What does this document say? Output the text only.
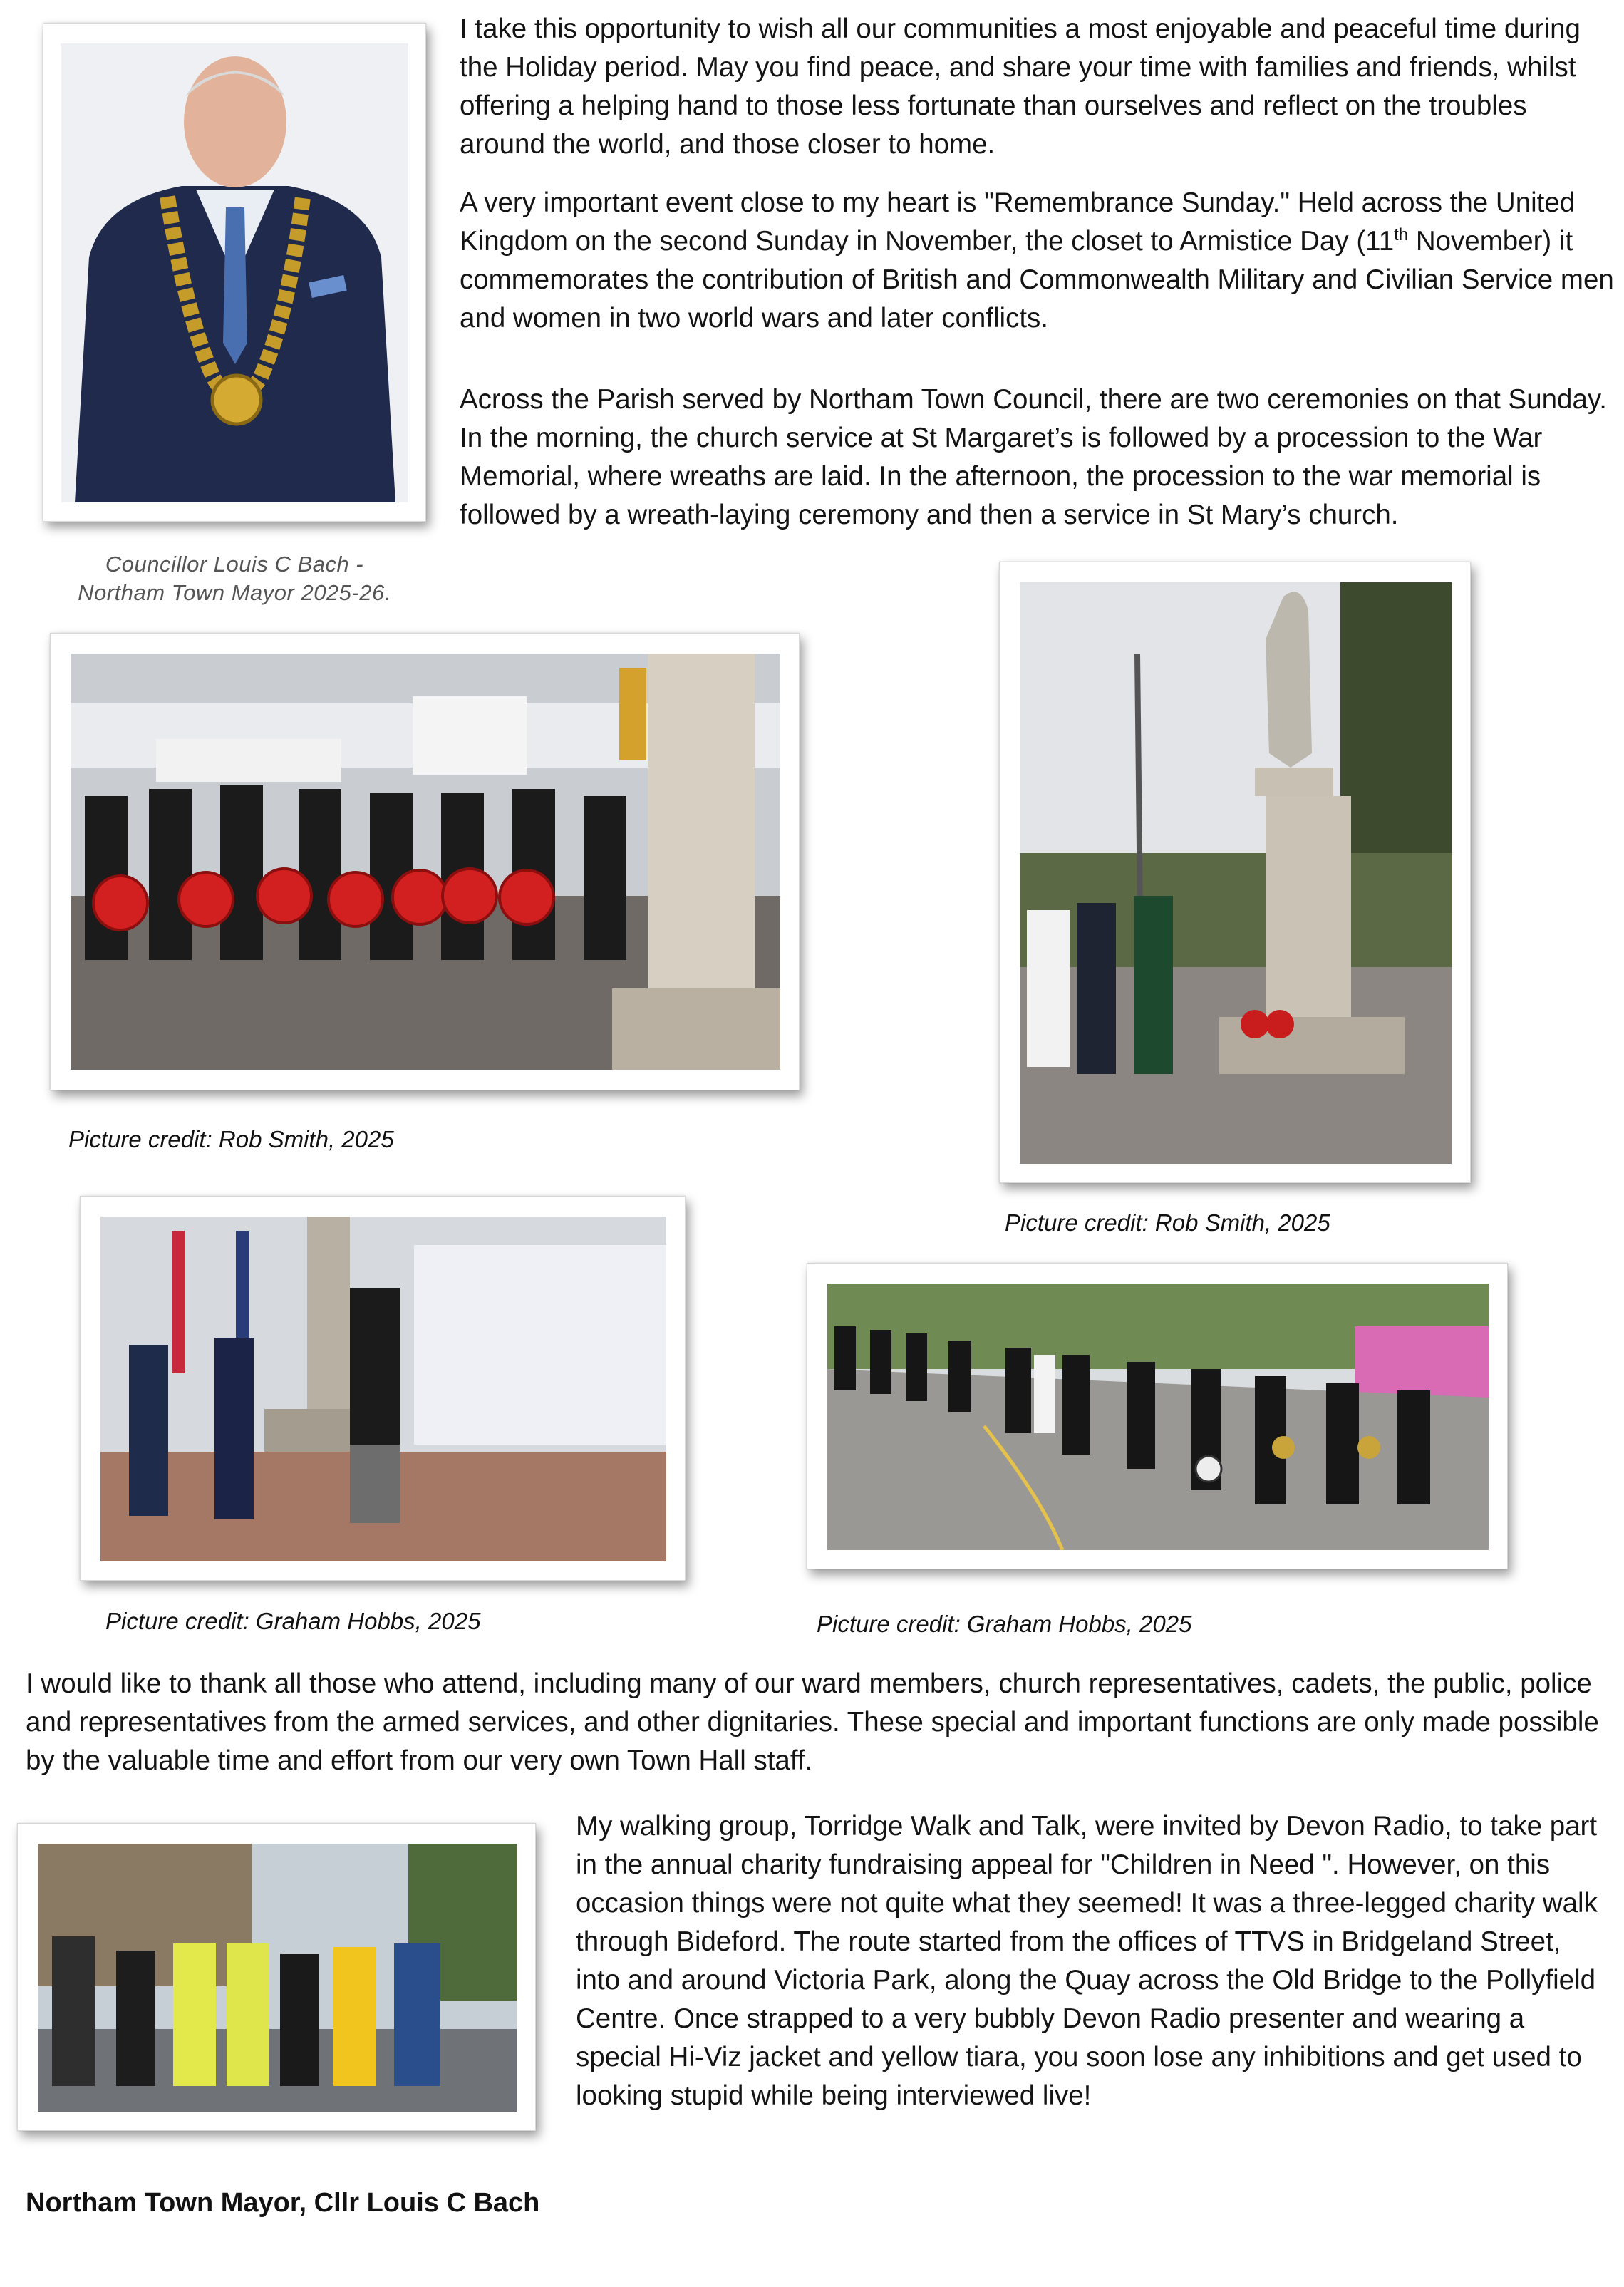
I take this opportunity to wish all our communities a most enjoyable and peaceful time during the Holiday period. May you find peace, and share your time with families and friends, whilst offering a helping hand to those less fortunate than ourselves and reflect on the troubles around the world, and those closer to home.

A very important event close to my heart is "Remembrance Sunday." Held across the United Kingdom on the second Sunday in November, the closet to Armistice Day (11th November) it commemorates the contribution of British and Commonwealth Military and Civilian Service men and women in two world wars and later conflicts.

Across the Parish served by Northam Town Council, there are two ceremonies on that Sunday. In the morning, the church service at St Margaret’s is followed by a procession to the War Memorial, where wreaths are laid. In the afternoon, the procession to the war memorial is followed by a wreath-laying ceremony and then a service in St Mary’s church.

Councillor Louis C Bach -
Northam Town Mayor 2025-26.

Picture credit: Rob Smith, 2025

Picture credit: Rob Smith, 2025

Picture credit: Graham Hobbs, 2025	Picture credit: Graham Hobbs, 2025

I would like to thank all those who attend, including many of our ward members, church representatives, cadets, the public, police and representatives from the armed services, and other dignitaries. These special and important functions are only made possible by the valuable time and effort from our very own Town Hall staff.

My walking group, Torridge Walk and Talk, were invited by Devon Radio, to take part in the annual charity fundraising appeal for "Children in Need ". However, on this occasion things were not quite what they seemed! It was a three-legged charity walk through Bideford. The route started from the offices of TTVS in Bridgeland Street, into and around Victoria Park, along the Quay across the Old Bridge to the Pollyfield Centre. Once strapped to a very bubbly Devon Radio presenter and wearing a special Hi-Viz jacket and yellow tiara, you soon lose any inhibitions and get used to looking stupid while being interviewed live!

Northam Town Mayor, Cllr Louis C Bach
